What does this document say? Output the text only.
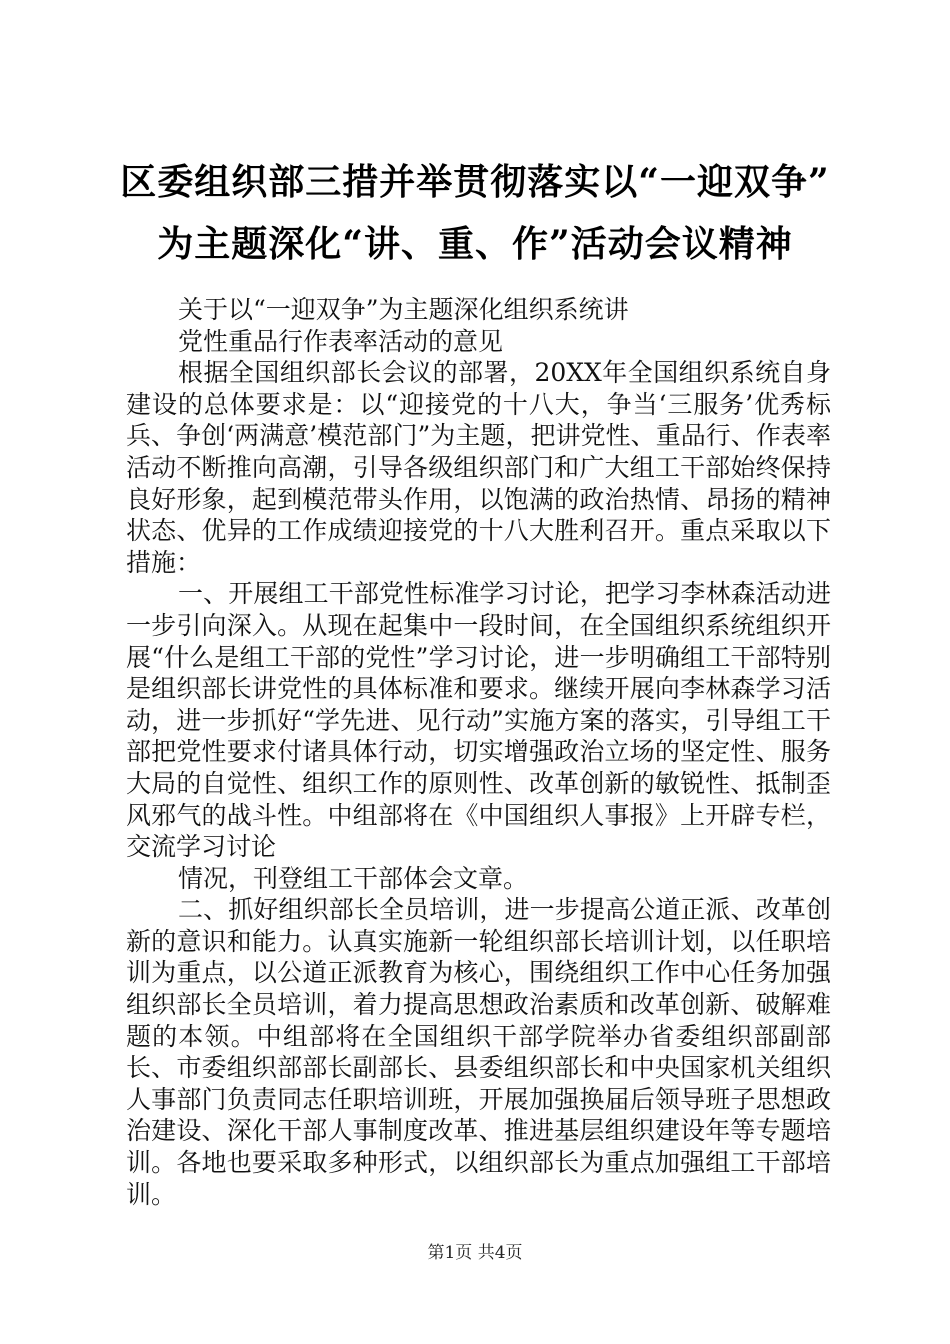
区委组织部三措并举贯彻落实以“一迎双争”
为主题深化“讲、重、作”活动会议精神

关于以“一迎双争”为主题深化组织系统讲

党性重品行作表率活动的意见

根据全国组织部长会议的部署，20XX年全国组织系统自身建设的总体要求是：以“迎接党的十八大，争当‘三服务’优秀标兵、争创‘两满意’模范部门”为主题，把讲党性、重品行、作表率活动不断推向高潮，引导各级组织部门和广大组工干部始终保持良好形象，起到模范带头作用，以饱满的政治热情、昂扬的精神状态、优异的工作成绩迎接党的十八大胜利召开。重点采取以下措施：

一、开展组工干部党性标准学习讨论，把学习李林森活动进一步引向深入。从现在起集中一段时间，在全国组织系统组织开展“什么是组工干部的党性”学习讨论，进一步明确组工干部特别是组织部长讲党性的具体标准和要求。继续开展向李林森学习活动，进一步抓好“学先进、见行动”实施方案的落实，引导组工干部把党性要求付诸具体行动，切实增强政治立场的坚定性、服务大局的自觉性、组织工作的原则性、改革创新的敏锐性、抵制歪风邪气的战斗性。中组部将在《中国组织人事报》上开辟专栏，交流学习讨论

情况，刊登组工干部体会文章。

二、抓好组织部长全员培训，进一步提高公道正派、改革创新的意识和能力。认真实施新一轮组织部长培训计划，以任职培训为重点，以公道正派教育为核心，围绕组织工作中心任务加强组织部长全员培训，着力提高思想政治素质和改革创新、破解难题的本领。中组部将在全国组织干部学院举办省委组织部副部长、市委组织部部长副部长、县委组织部长和中央国家机关组织人事部门负责同志任职培训班，开展加强换届后领导班子思想政治建设、深化干部人事制度改革、推进基层组织建设年等专题培训。各地也要采取多种形式，以组织部长为重点加强组工干部培训。

第1页 共4页
